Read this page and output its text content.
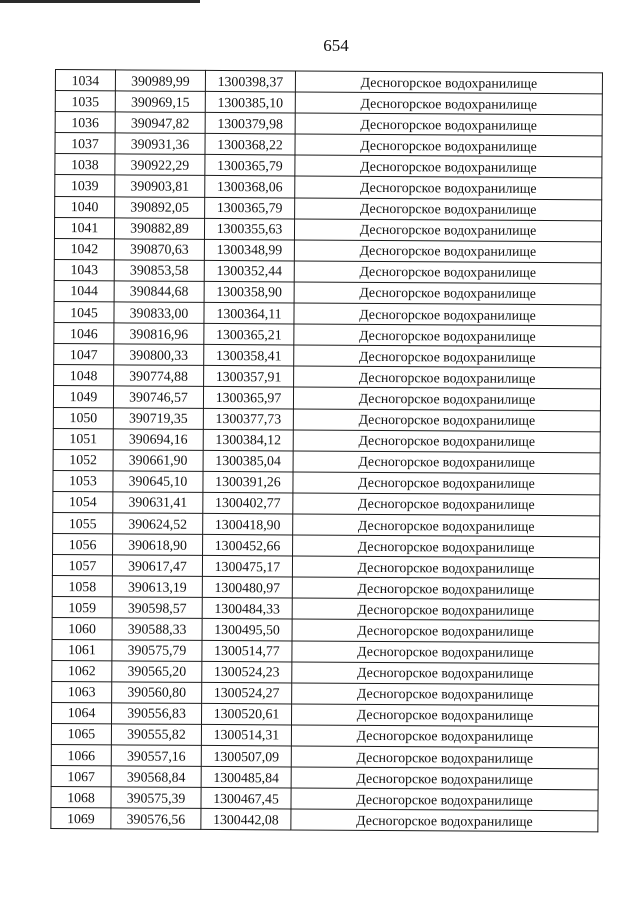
654
1034	390989,99	1300398,37	Десногорское водохранилище
1035	390969,15	1300385,10	Десногорское водохранилище
1036	390947,82	1300379,98	Десногорское водохранилище
1037	390931,36	1300368,22	Десногорское водохранилище
1038	390922,29	1300365,79	Десногорское водохранилище
1039	390903,81	1300368,06	Десногорское водохранилище
1040	390892,05	1300365,79	Десногорское водохранилище
1041	390882,89	1300355,63	Десногорское водохранилище
1042	390870,63	1300348,99	Десногорское водохранилище
1043	390853,58	1300352,44	Десногорское водохранилище
1044	390844,68	1300358,90	Десногорское водохранилище
1045	390833,00	1300364,11	Десногорское водохранилище
1046	390816,96	1300365,21	Десногорское водохранилище
1047	390800,33	1300358,41	Десногорское водохранилище
1048	390774,88	1300357,91	Десногорское водохранилище
1049	390746,57	1300365,97	Десногорское водохранилище
1050	390719,35	1300377,73	Десногорское водохранилище
1051	390694,16	1300384,12	Десногорское водохранилище
1052	390661,90	1300385,04	Десногорское водохранилище
1053	390645,10	1300391,26	Десногорское водохранилище
1054	390631,41	1300402,77	Десногорское водохранилище
1055	390624,52	1300418,90	Десногорское водохранилище
1056	390618,90	1300452,66	Десногорское водохранилище
1057	390617,47	1300475,17	Десногорское водохранилище
1058	390613,19	1300480,97	Десногорское водохранилище
1059	390598,57	1300484,33	Десногорское водохранилище
1060	390588,33	1300495,50	Десногорское водохранилище
1061	390575,79	1300514,77	Десногорское водохранилище
1062	390565,20	1300524,23	Десногорское водохранилище
1063	390560,80	1300524,27	Десногорское водохранилище
1064	390556,83	1300520,61	Десногорское водохранилище
1065	390555,82	1300514,31	Десногорское водохранилище
1066	390557,16	1300507,09	Десногорское водохранилище
1067	390568,84	1300485,84	Десногорское водохранилище
1068	390575,39	1300467,45	Десногорское водохранилище
1069	390576,56	1300442,08	Десногорское водохранилище
